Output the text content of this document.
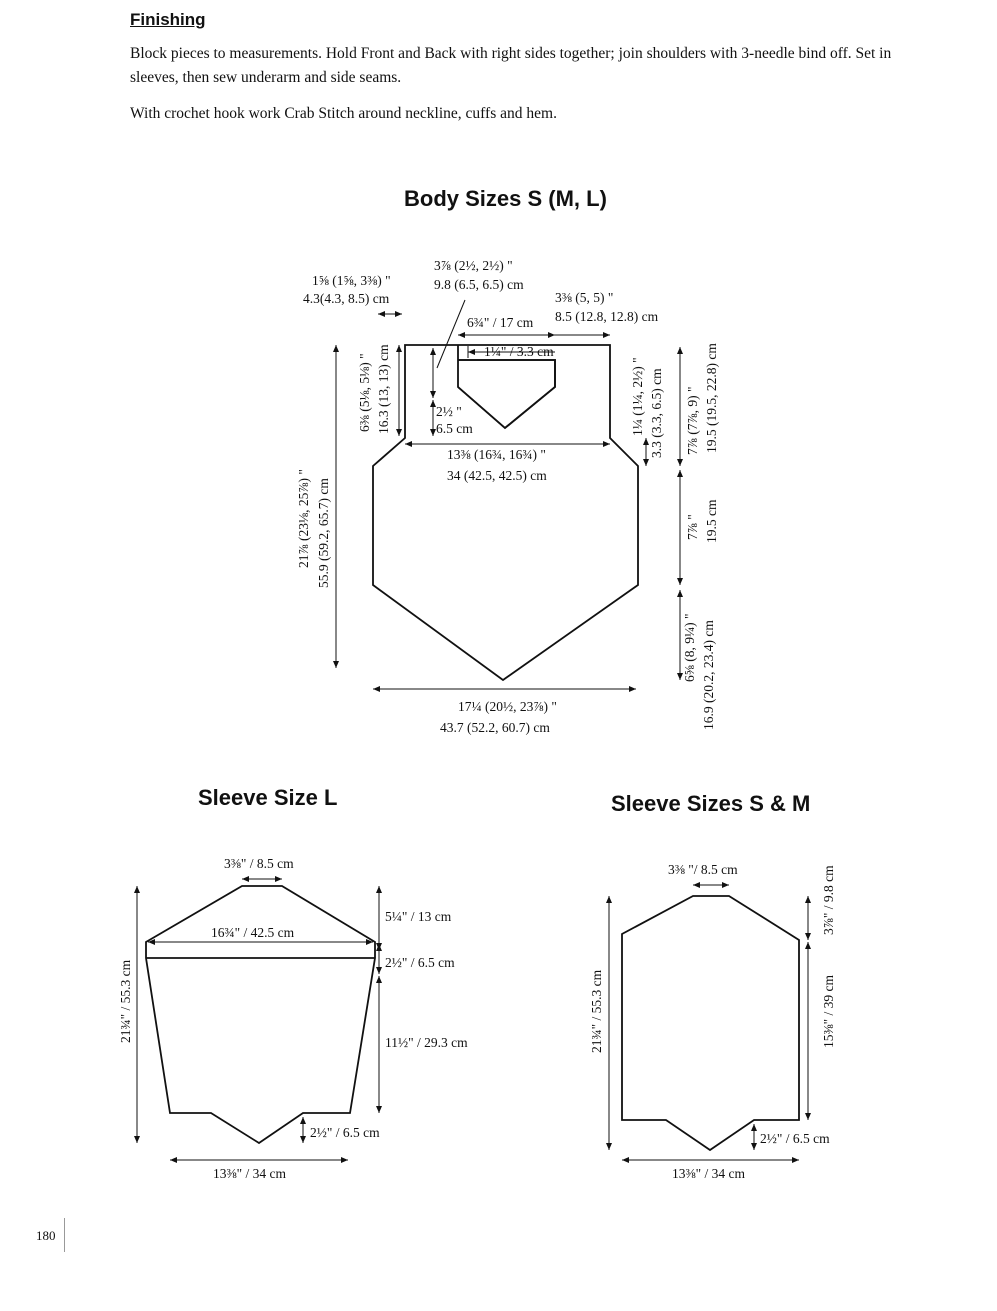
Finishing
Block pieces to measurements. Hold Front and Back with right sides together; join shoulders with 3-needle bind off. Set in sleeves, then sew underarm and side seams.
With crochet hook work Crab Stitch around neckline, cuffs and hem.
Body Sizes S (M, L)
Sleeve Size L	Sleeve Sizes S & M
3⅞ (2½, 2½) "
9.8 (6.5, 6.5) cm
1⅝ (1⅝, 3⅜) "
4.3(4.3, 8.5) cm	3⅜ (5, 5) "
8.5 (12.8, 12.8) cm
6¾" / 17 cm
1¼" / 3.3 cm
2½ "
6.5 cm
13⅜ (16¾, 16¾) "
34 (42.5, 42.5) cm
17¼ (20½, 23⅞) "
43.7 (52.2, 60.7) cm
6⅜ (5⅛, 5⅛) " 16.3 (13, 13) cm
21⅞ (23⅛, 25⅞) " 55.9 (59.2, 65.7) cm
1¼ (1¼, 2½) " 3.3 (3.3, 6.5) cm 7⅞ (7⅞, 9) " 19.5 (19.5, 22.8) cm
7⅞ " 19.5 cm
6⅝ (8, 9¼) " 16.9 (20.2, 23.4) cm
3⅜" / 8.5 cm
16¾" / 42.5 cm
5¼" / 13 cm
2½" / 6.5 cm
11½" / 29.3 cm
2½" / 6.5 cm
13⅜" / 34 cm
21¾" / 55.3 cm
3⅜ "/ 8.5 cm
2½" / 6.5 cm
13⅜" / 34 cm
21¾" / 55.3 cm
3⅞" / 9.8 cm
15⅜" / 39 cm
180
